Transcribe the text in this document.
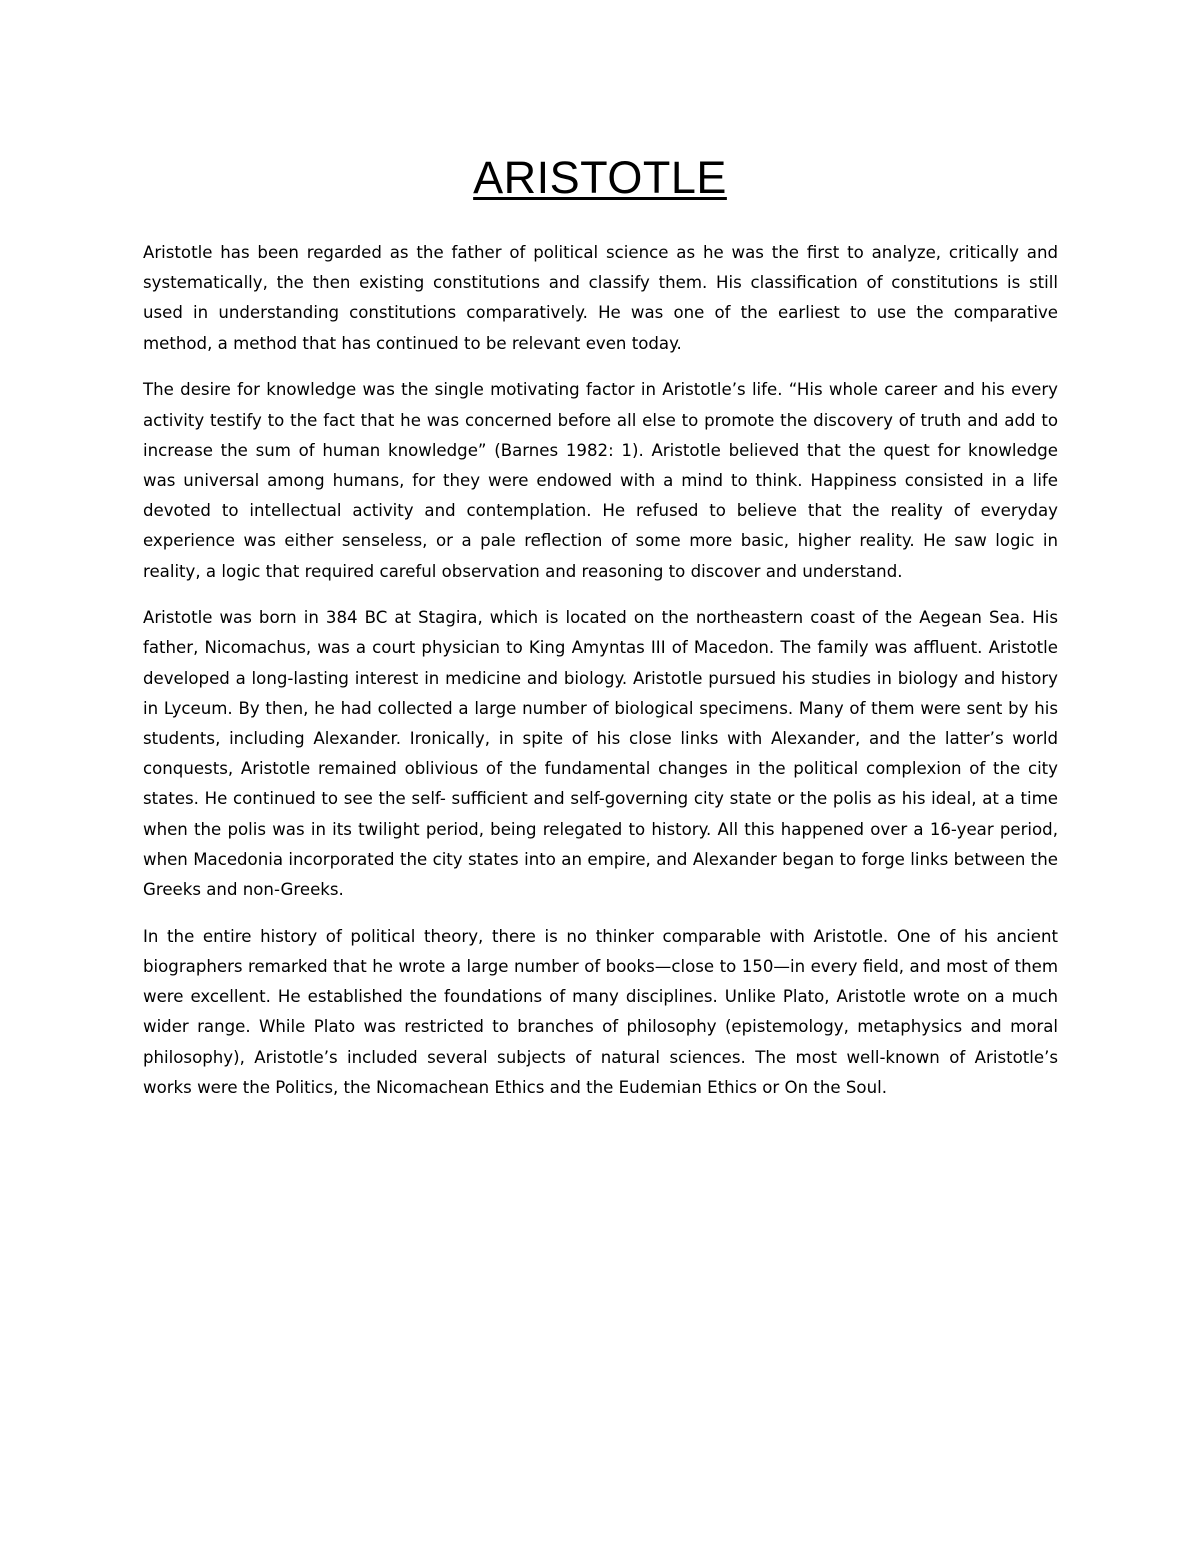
ARISTOTLE

Aristotle has been regarded as the father of political science as he was the first to analyze, critically and systematically, the then existing constitutions and classify them. His classification of constitutions is still used in understanding constitutions comparatively. He was one of the earliest to use the comparative method, a method that has continued to be relevant even today.

The desire for knowledge was the single motivating factor in Aristotle’s life. “His whole career and his every activity testify to the fact that he was concerned before all else to promote the discovery of truth and add to increase the sum of human knowledge” (Barnes 1982: 1). Aristotle believed that the quest for knowledge was universal among humans, for they were endowed with a mind to think. Happiness consisted in a life devoted to intellectual activity and contemplation. He refused to believe that the reality of everyday experience was either senseless, or a pale reflection of some more basic, higher reality. He saw logic in reality, a logic that required careful observation and reasoning to discover and understand.

Aristotle was born in 384 BC at Stagira, which is located on the northeastern coast of the Aegean Sea. His father, Nicomachus, was a court physician to King Amyntas III of Macedon. The family was affluent. Aristotle developed a long-lasting interest in medicine and biology. Aristotle pursued his studies in biology and history in Lyceum. By then, he had collected a large number of biological specimens. Many of them were sent by his students, including Alexander. Ironically, in spite of his close links with Alexander, and the latter’s world conquests, Aristotle remained oblivious of the fundamental changes in the political complexion of the city states. He continued to see the self- sufficient and self-governing city state or the polis as his ideal, at a time when the polis was in its twilight period, being relegated to history. All this happened over a 16-year period, when Macedonia incorporated the city states into an empire, and Alexander began to forge links between the Greeks and non-Greeks.

In the entire history of political theory, there is no thinker comparable with Aristotle. One of his ancient biographers remarked that he wrote a large number of books—close to 150—in every field, and most of them were excellent. He established the foundations of many disciplines. Unlike Plato, Aristotle wrote on a much wider range. While Plato was restricted to branches of philosophy (epistemology, metaphysics and moral philosophy), Aristotle’s included several subjects of natural sciences. The most well-known of Aristotle’s works were the Politics, the Nicomachean Ethics and the Eudemian Ethics or On the Soul.
